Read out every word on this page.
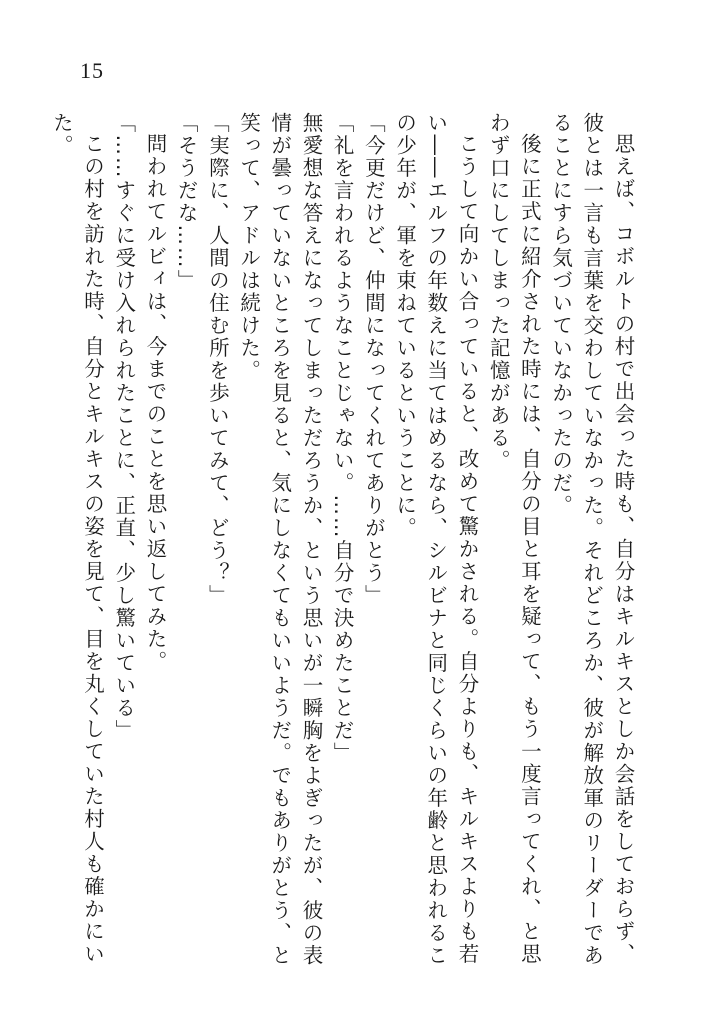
15

思えば、コボルトの村で出会った時も、自分はキルキスとしか会話をしておらず、彼とは一言も言葉を交わしていなかった。それどころか、彼が解放軍のリーダーであることにすら気づいていなかったのだ。

後に正式に紹介された時には、自分の目と耳を疑って、もう一度言ってくれ、と思わず口にしてしまった記憶がある。

こうして向かい合っていると、改めて驚かされる。自分よりも、キルキスよりも若い――エルフの年数えに当てはめるなら、シルビナと同じくらいの年齢と思われるこの少年が、軍を束ねているということに。

「今更だけど、仲間になってくれてありがとう」

「礼を言われるようなことじゃない。……自分で決めたことだ」

無愛想な答えになってしまっただろうか、という思いが一瞬胸をよぎったが、彼の表情が曇っていないところを見ると、気にしなくてもいいようだ。でもありがとう、と笑って、アドルは続けた。

「実際に、人間の住む所を歩いてみて、どう？」

「そうだな……」

問われてルビィは、今までのことを思い返してみた。

「……すぐに受け入れられたことに、正直、少し驚いている」

この村を訪れた時、自分とキルキスの姿を見て、目を丸くしていた村人も確かにいた。
